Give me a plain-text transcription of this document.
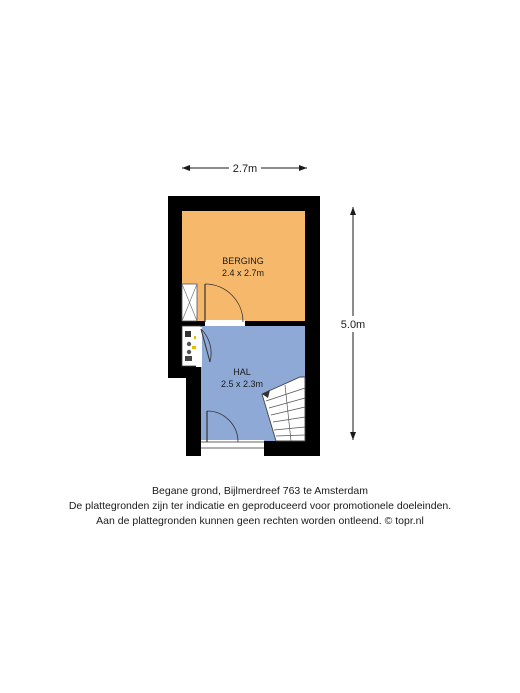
2.7m
5.0m
BERGING
2.4 x 2.7m
HAL
2.5 x 2.3m
Begane grond, Bijlmerdreef 763 te Amsterdam
De plattegronden zijn ter indicatie en geproduceerd voor promotionele doeleinden.
Aan de plattegronden kunnen geen rechten worden ontleend. © topr.nl
